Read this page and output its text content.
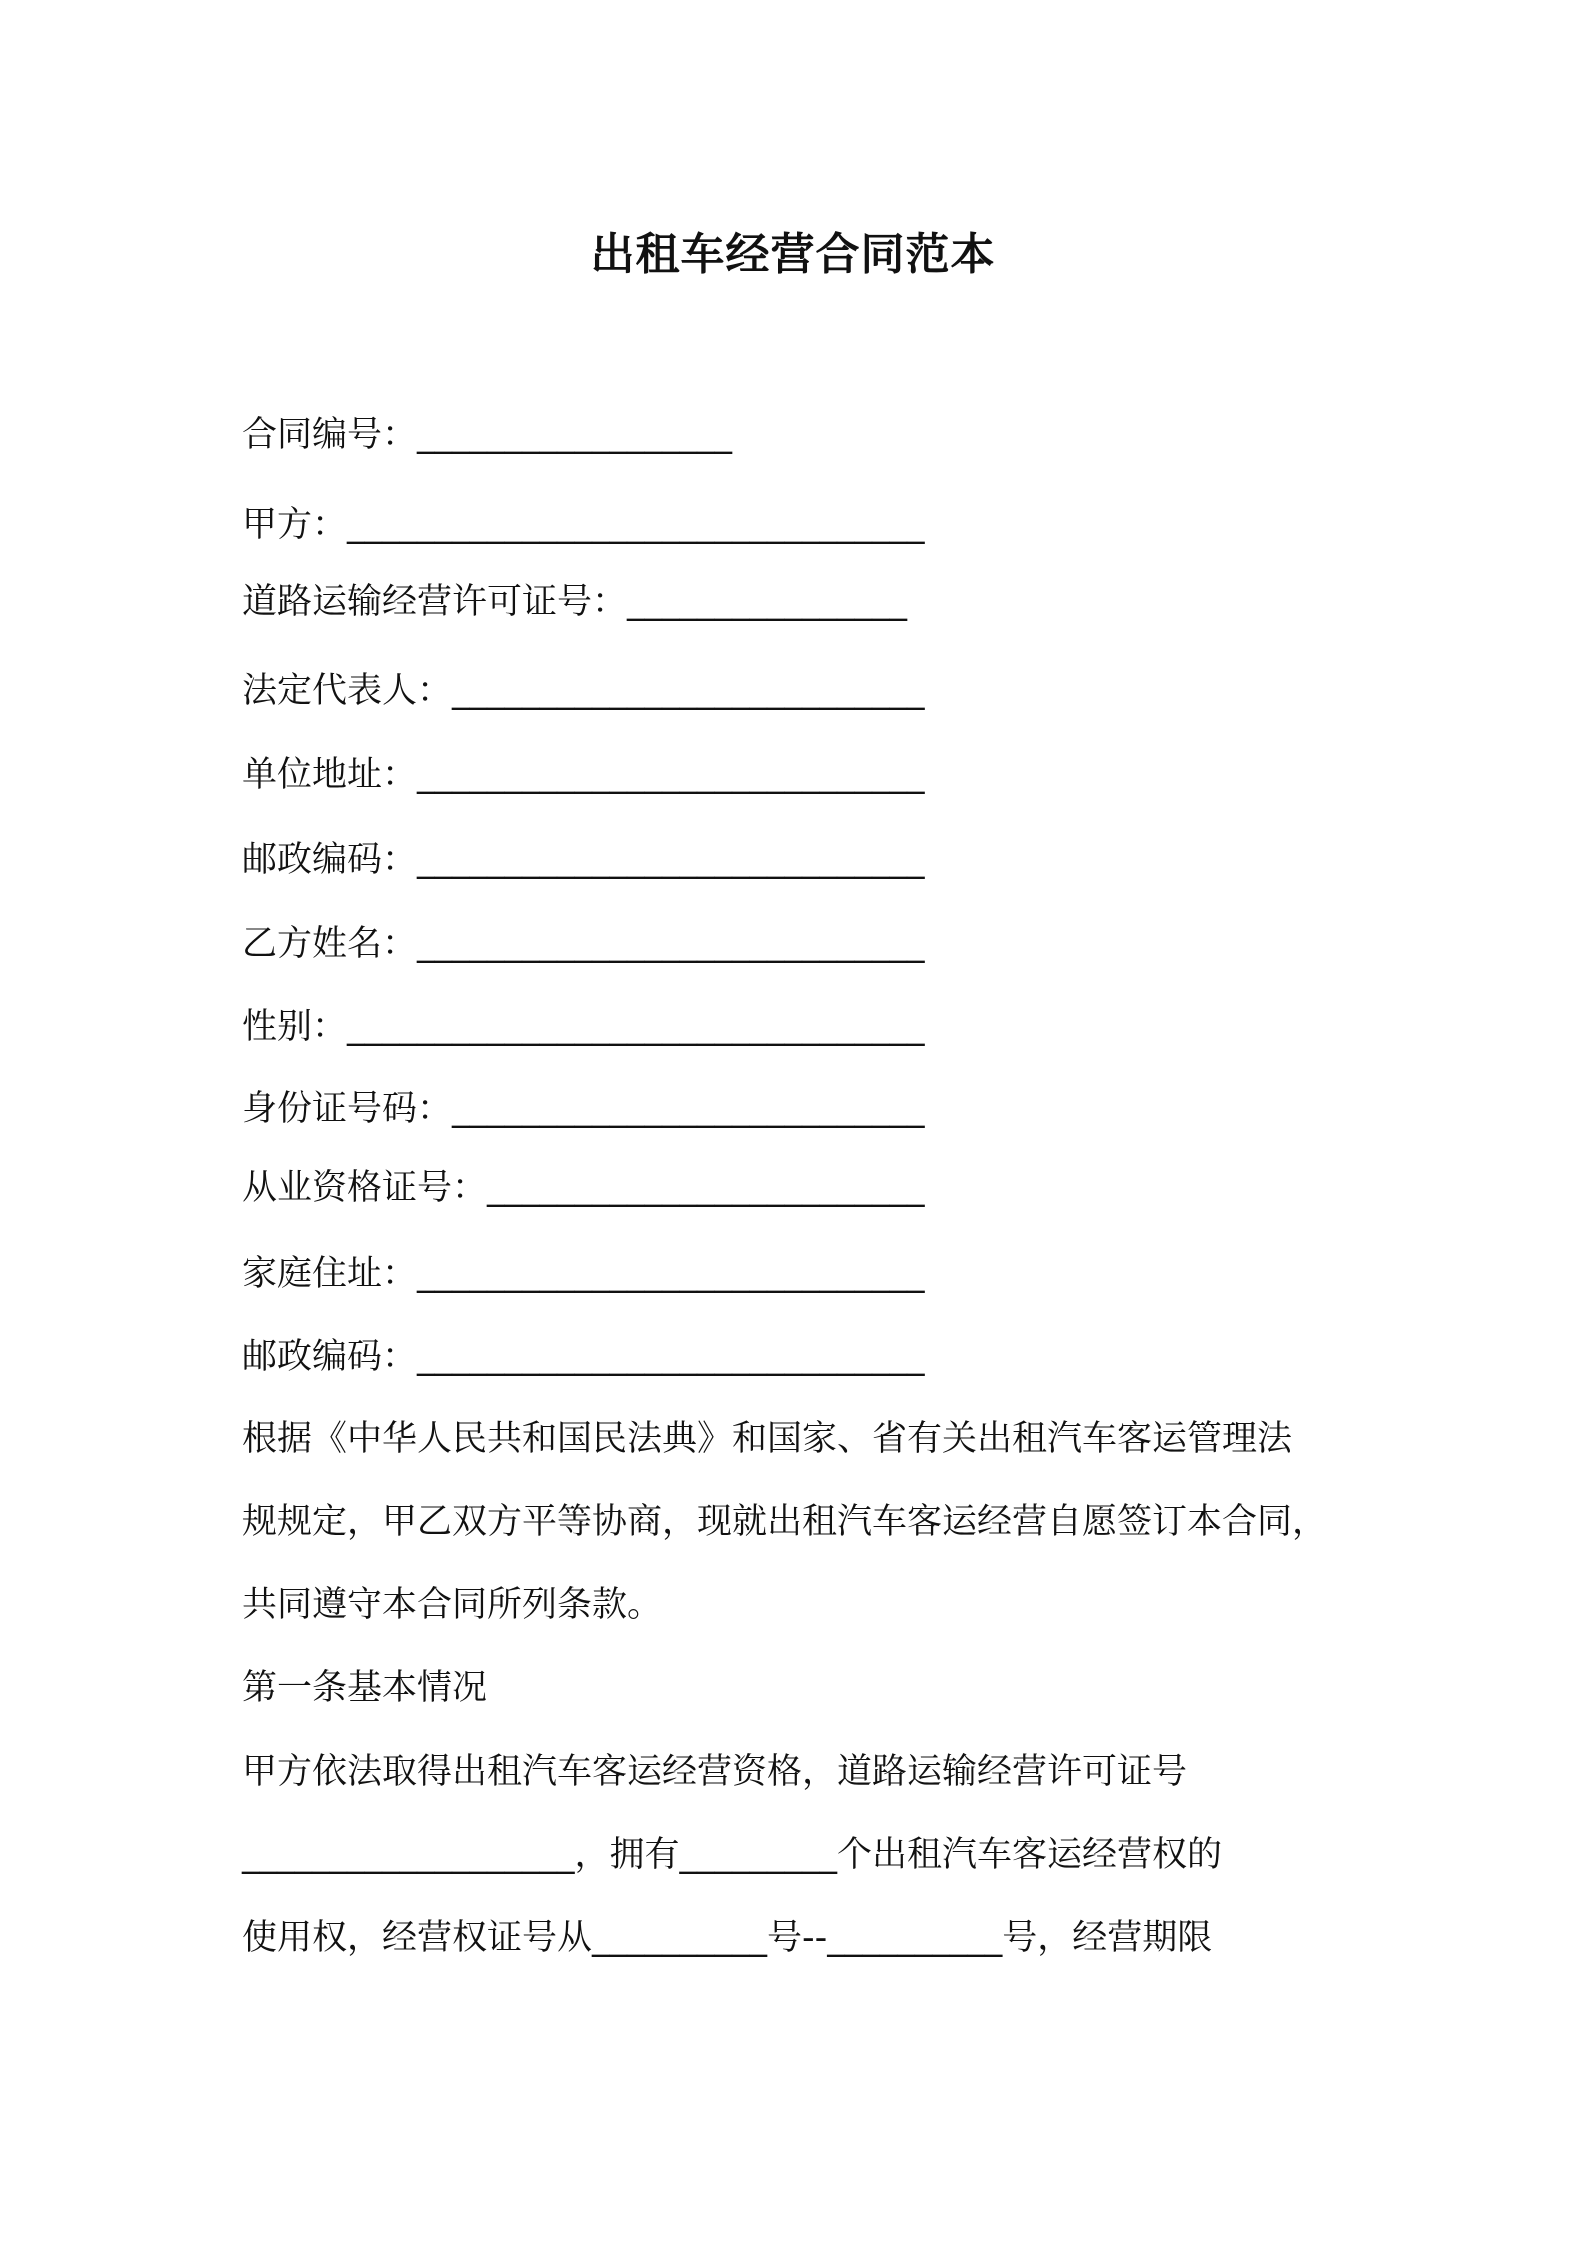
出租车经营合同范本
合同编号：__________________
甲方：_________________________________
道路运输经营许可证号：________________
法定代表人：___________________________
单位地址：_____________________________
邮政编码：_____________________________
乙方姓名：_____________________________
性别：_________________________________
身份证号码：___________________________
从业资格证号：_________________________
家庭住址：_____________________________
邮政编码：_____________________________
根据《中华人民共和国民法典》和国家、省有关出租汽车客运管理法
规规定，甲乙双方平等协商，现就出租汽车客运经营自愿签订本合同，
共同遵守本合同所列条款。
第一条基本情况
甲方依法取得出租汽车客运经营资格，道路运输经营许可证号
___________________，拥有_________个出租汽车客运经营权的
使用权，经营权证号从__________号--__________号，经营期限
